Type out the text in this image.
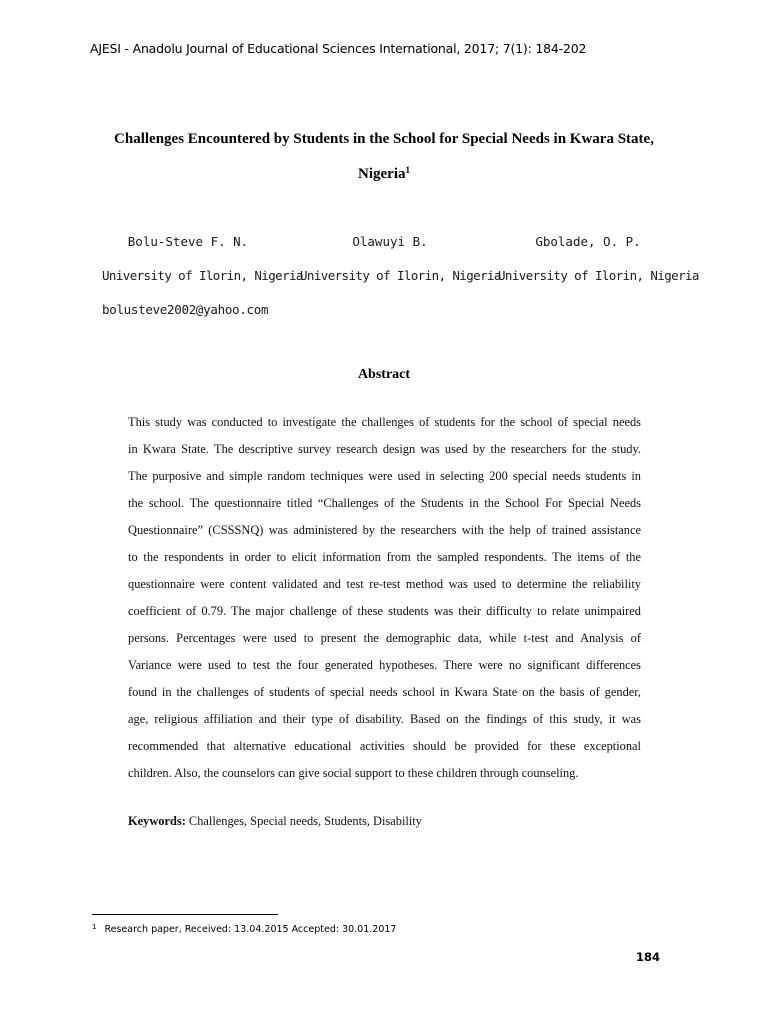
AJESI - Anadolu Journal of Educational Sciences International, 2017; 7(1): 184-202
Challenges Encountered by Students in the School for Special Needs in Kwara State,
Nigeria$^1$
Bolu-Steve F. N.
University of Ilorin, Nigeria
bolusteve2002@yahoo.com
Olawuyi B.
University of Ilorin, Nigeria
Gbolade, O. P.
University of Ilorin, Nigeria
Abstract
This study was conducted to investigate the challenges of students for the school of special needs
in Kwara State. The descriptive survey research design was used by the researchers for the study.
The purposive and simple random techniques were used in selecting 200 special needs students in
the school. The questionnaire titled “Challenges of the Students in the School For Special Needs
Questionnaire” (CSSSNQ) was administered by the researchers with the help of trained assistance
to the respondents in order to elicit information from the sampled respondents. The items of the
questionnaire were content validated and test re-test method was used to determine the reliability
coefficient of 0.79. The major challenge of these students was their difficulty to relate unimpaired
persons. Percentages were used to present the demographic data, while t-test and Analysis of
Variance were used to test the four generated hypotheses. There were no significant differences
found in the challenges of students of special needs school in Kwara State on the basis of gender,
age, religious affiliation and their type of disability. Based on the findings of this study, it was
recommended that alternative educational activities should be provided for these exceptional
children. Also, the counselors can give social support to these children through counseling.
Keywords: Challenges, Special needs, Students, Disability
$^1$ Research paper, Received: 13.04.2015 Accepted: 30.01.2017
184
